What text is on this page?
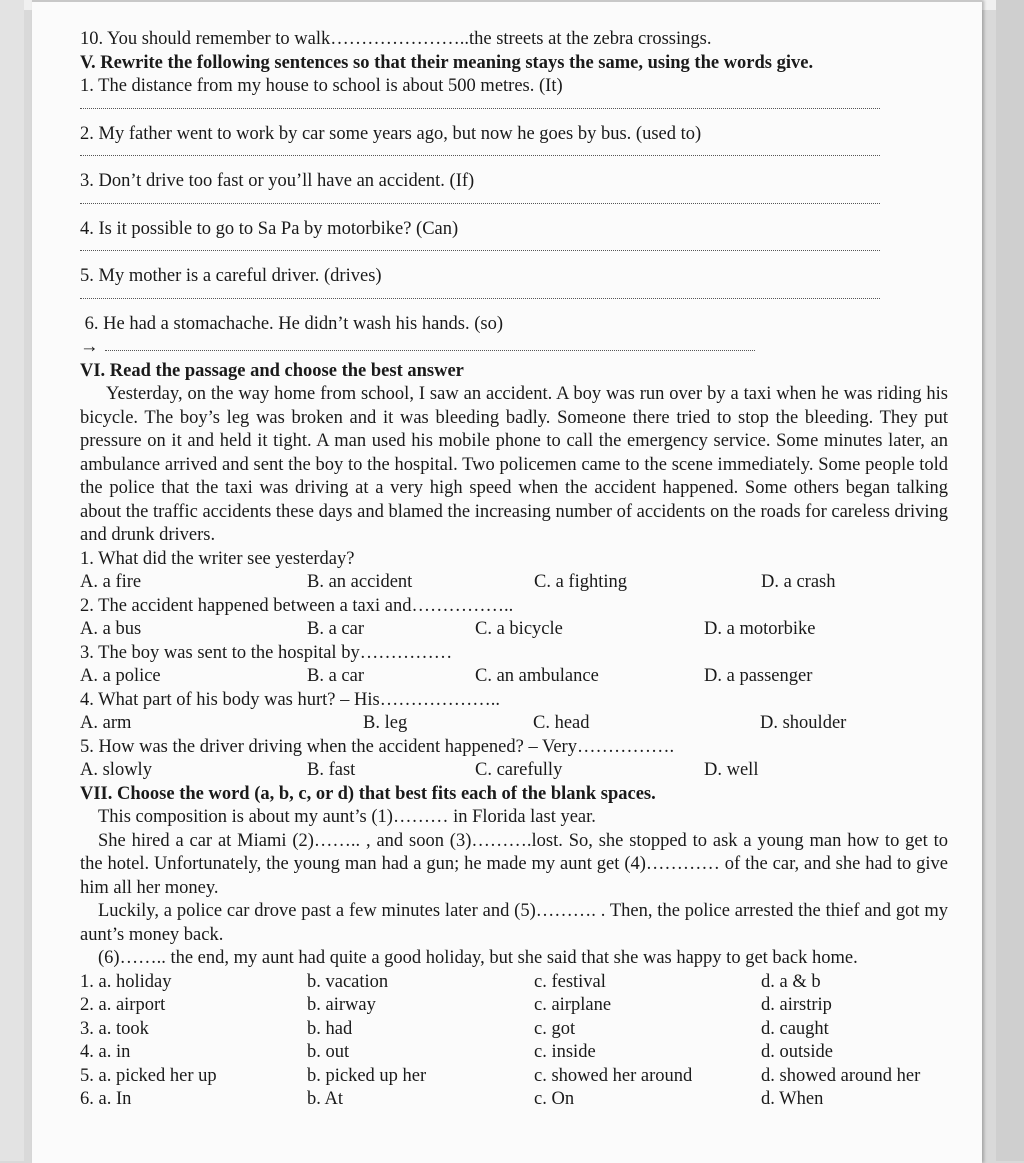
10. You should remember to walk…………………..the streets at the zebra crossings.
V. Rewrite the following sentences so that their meaning stays the same, using the words give.
1. The distance from my house to school is about 500 metres. (It)
2. My father went to work by car some years ago, but now he goes by bus. (used to)
3. Don’t drive too fast or you’ll have an accident. (If)
4. Is it possible to go to Sa Pa by motorbike? (Can)
5. My mother is a careful driver. (drives)
6. He had a stomachache. He didn’t wash his hands. (so)
→
VI. Read the passage and choose the best answer

Yesterday, on the way home from school, I saw an accident. A boy was run over by a taxi when he was riding his bicycle. The boy’s leg was broken and it was bleeding badly. Someone there tried to stop the bleeding. They put pressure on it and held it tight. A man used his mobile phone to call the emergency service. Some minutes later, an ambulance arrived and sent the boy to the hospital. Two policemen came to the scene immediately. Some people told the police that the taxi was driving at a very high speed when the accident happened. Some others began talking about the traffic accidents these days and blamed the increasing number of accidents on the roads for careless driving and drunk drivers.

1. What did the writer see yesterday?
A. a fire	B. an accident	C. a fighting	D. a crash
2. The accident happened between a taxi and……………..
A. a bus	B. a car	C. a bicycle	D. a motorbike
3. The boy was sent to the hospital by……………
A. a police	B. a car	C. an ambulance	D. a passenger
4. What part of his body was hurt? – His………………..
A. arm	B. leg	C. head	D. shoulder
5. How was the driver driving when the accident happened? – Very…………….
A. slowly	B. fast	C. carefully	D. well
VII. Choose the word (a, b, c, or d) that best fits each of the blank spaces.

This composition is about my aunt’s (1)……… in Florida last year.

She hired a car at Miami (2)…….. , and soon (3)……….lost. So, she stopped to ask a young man how to get to the hotel. Unfortunately, the young man had a gun; he made my aunt get (4)………… of the car, and she had to give him all her money.

Luckily, a police car drove past a few minutes later and (5)………. . Then, the police arrested the thief and got my aunt’s money back.

(6)…….. the end, my aunt had quite a good holiday, but she said that she was happy to get back home.

1. a. holiday	b. vacation	c. festival	d. a & b
2. a. airport	b. airway	c. airplane	d. airstrip
3. a. took	b. had	c. got	d. caught
4. a. in	b. out	c. inside	d. outside
5. a. picked her up	b. picked up her	c. showed her around	d. showed around her
6. a. In	b. At	c. On	d. When
